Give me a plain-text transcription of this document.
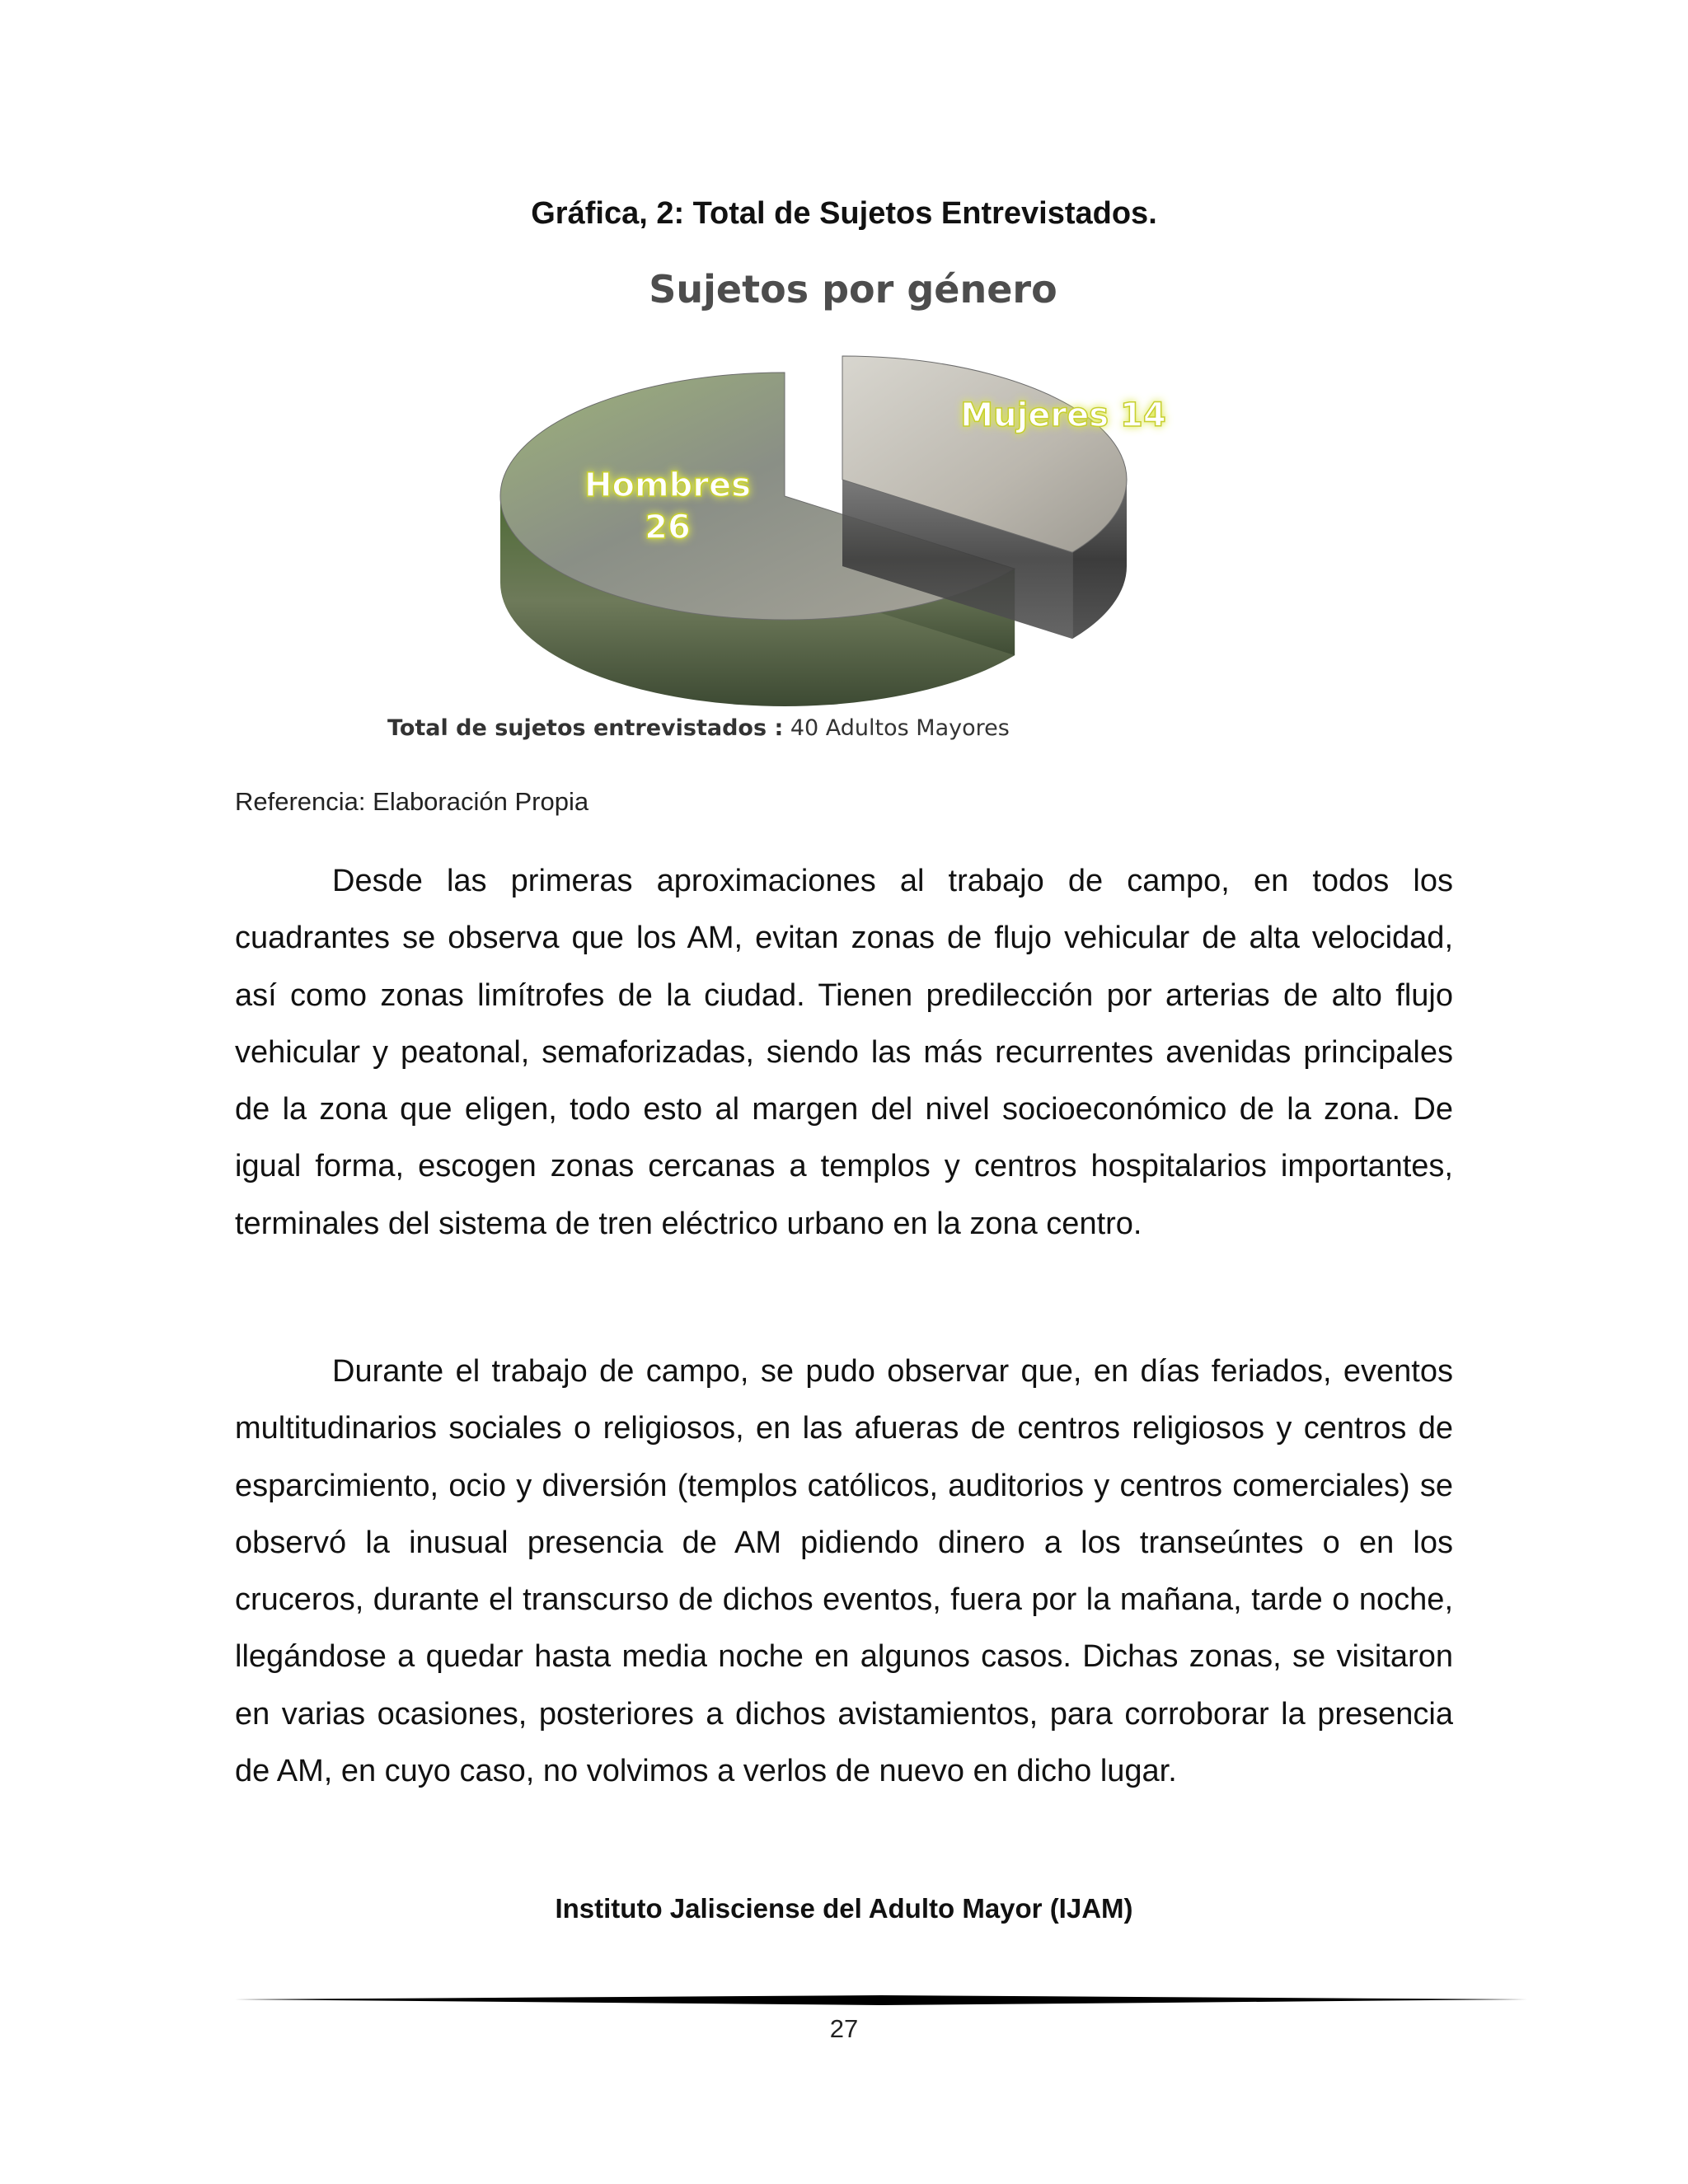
Gráfica, 2: Total de Sujetos Entrevistados.
Sujetos por género
Hombres
26
Mujeres 14
Total de sujetos entrevistados : 40 Adultos Mayores
Referencia: Elaboración Propia
Desde las primeras aproximaciones al trabajo de campo, en todos los cuadrantes se observa que los AM, evitan zonas de flujo vehicular de alta velocidad, así como zonas limítrofes de la ciudad. Tienen predilección por arterias de alto flujo vehicular y peatonal, semaforizadas, siendo las más recurrentes avenidas principales de la zona que eligen, todo esto al margen del nivel socioeconómico de la zona. De igual forma, escogen zonas cercanas a templos y centros hospitalarios importantes, terminales del sistema de tren eléctrico urbano en la zona centro.
Durante el trabajo de campo, se pudo observar que, en días feriados, eventos multitudinarios sociales o religiosos, en las afueras de centros religiosos y centros de esparcimiento, ocio y diversión (templos católicos, auditorios y centros comerciales) se observó la inusual presencia de AM pidiendo dinero a los transeúntes o en los cruceros, durante el transcurso de dichos eventos, fuera por la mañana, tarde o noche, llegándose a quedar hasta media noche en algunos casos. Dichas zonas, se visitaron en varias ocasiones, posteriores a dichos avistamientos, para corroborar la presencia de AM, en cuyo caso, no volvimos a verlos de nuevo en dicho lugar.
Instituto Jalisciense del Adulto Mayor (IJAM)
27
